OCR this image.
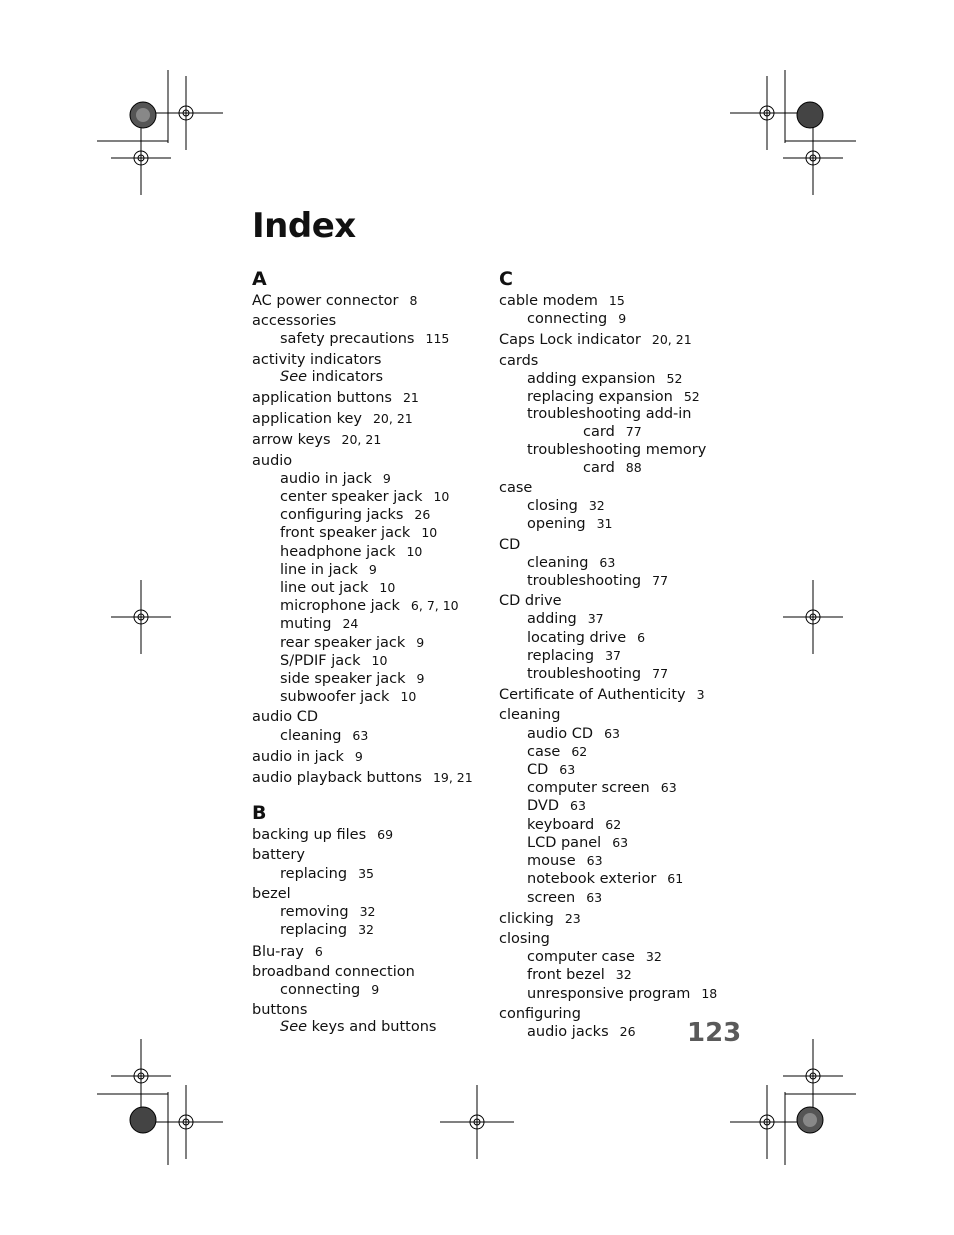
Index
A
AC power connector 8
accessories
safety precautions 115
activity indicators
See indicators
application buttons 21
application key 20, 21
arrow keys 20, 21
audio
audio in jack 9
center speaker jack 10
configuring jacks 26
front speaker jack 10
headphone jack 10
line in jack 9
line out jack 10
microphone jack 6, 7, 10
muting 24
rear speaker jack 9
S/PDIF jack 10
side speaker jack 9
subwoofer jack 10
audio CD
cleaning 63
audio in jack 9
audio playback buttons 19, 21
B
backing up files 69
battery
replacing 35
bezel
removing 32
replacing 32
Blu-ray 6
broadband connection
connecting 9
buttons
See keys and buttons
C
cable modem 15
connecting 9
Caps Lock indicator 20, 21
cards
adding expansion 52
replacing expansion 52
troubleshooting add-in
card 77
troubleshooting memory
card 88
case
closing 32
opening 31
CD
cleaning 63
troubleshooting 77
CD drive
adding 37
locating drive 6
replacing 37
troubleshooting 77
Certificate of Authenticity 3
cleaning
audio CD 63
case 62
CD 63
computer screen 63
DVD 63
keyboard 62
LCD panel 63
mouse 63
notebook exterior 61
screen 63
clicking 23
closing
computer case 32
front bezel 32
unresponsive program 18
configuring
audio jacks 26	123
